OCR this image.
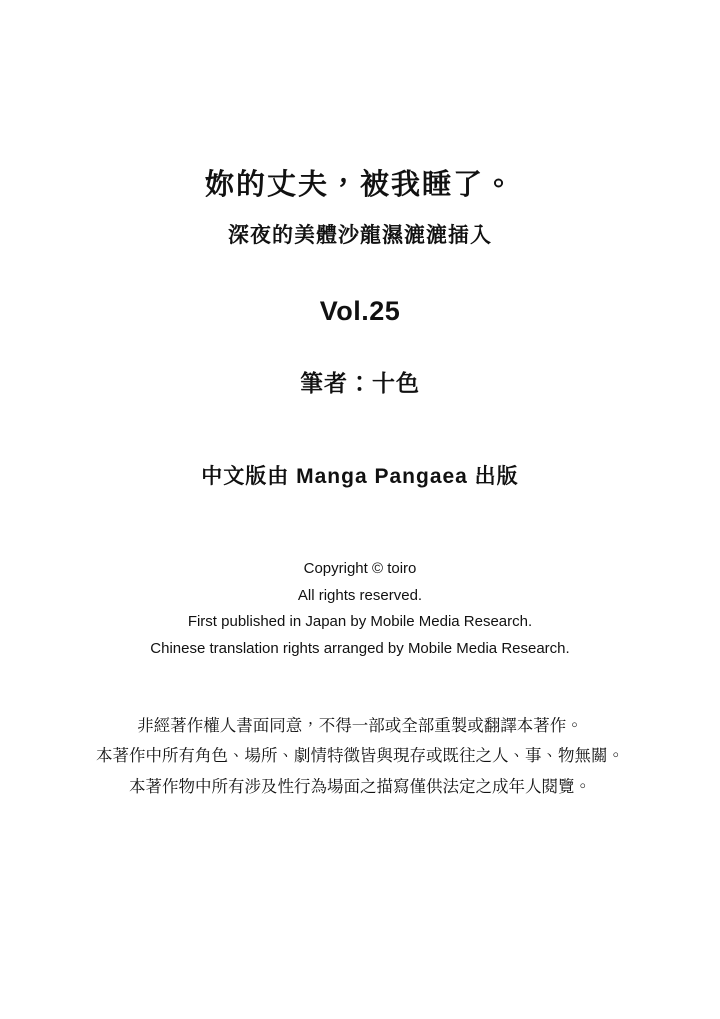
妳的丈夫，被我睡了。
深夜的美體沙龍濕漉漉插入
Vol.25
筆者：十色
中文版由 Manga Pangaea 出版
Copyright © toiro
All rights reserved.
First published in Japan by Mobile Media Research.
Chinese translation rights arranged by Mobile Media Research.
非經著作權人書面同意，不得一部或全部重製或翻譯本著作。
本著作中所有角色、場所、劇情特徵皆與現存或既往之人、事、物無關。
本著作物中所有涉及性行為場面之描寫僅供法定之成年人閱覽。
